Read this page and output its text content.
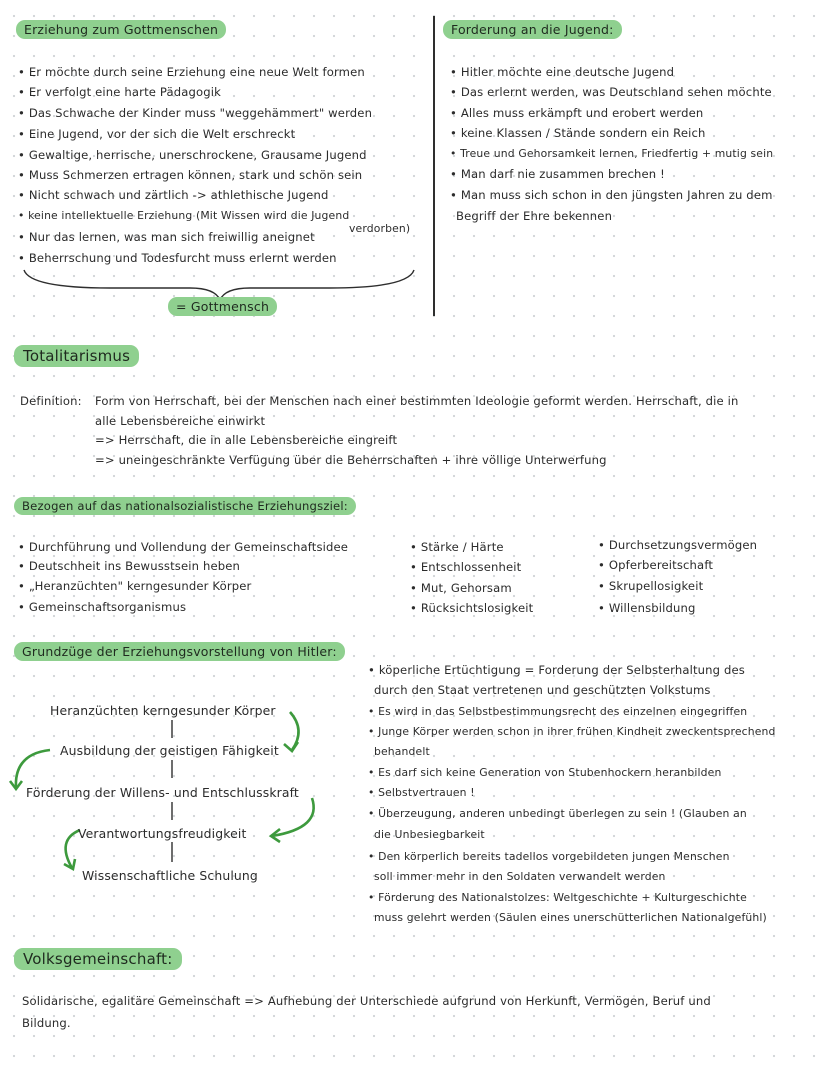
Erziehung zum Gottmenschen
• Er möchte durch seine Erziehung eine neue Welt formen
• Er verfolgt eine harte Pädagogik
• Das Schwache der Kinder muss "weggehämmert" werden
• Eine Jugend, vor der sich die Welt erschreckt
• Gewaltige, herrische, unerschrockene, Grausame Jugend
• Muss Schmerzen ertragen können, stark und schön sein
• Nicht schwach und zärtlich -> athlethische Jugend
• keine intellektuelle Erziehung (Mit Wissen wird die Jugend
verdorben)
• Nur das lernen, was man sich freiwillig aneignet
• Beherrschung und Todesfurcht muss erlernt werden
= Gottmensch
Forderung an die Jugend:
• Hitler möchte eine deutsche Jugend
• Das erlernt werden, was Deutschland sehen möchte
• Alles muss erkämpft und erobert werden
• keine Klassen / Stände sondern ein Reich
• Treue und Gehorsamkeit lernen, Friedfertig + mutig sein
• Man darf nie zusammen brechen !
• Man muss sich schon in den jüngsten Jahren zu dem
Begriff der Ehre bekennen
Totalitarismus
Definition: Form von Herrschaft, bei der Menschen nach einer bestimmten Ideologie geformt werden. Herrschaft, die in
alle Lebensbereiche einwirkt
=> Herrschaft, die in alle Lebensbereiche eingreift
=> uneingeschränkte Verfügung über die Beherrschaften + ihre völlige Unterwerfung
Bezogen auf das nationalsozialistische Erziehungsziel:
• Durchführung und Vollendung der Gemeinschaftsidee
• Deutschheit ins Bewusstsein heben
• „Heranzüchten" kerngesunder Körper
• Gemeinschaftsorganismus
• Stärke / Härte
• Entschlossenheit
• Mut, Gehorsam
• Rücksichtslosigkeit
• Durchsetzungsvermögen
• Opferbereitschaft
• Skrupellosigkeit
• Willensbildung
Grundzüge der Erziehungsvorstellung von Hitler:
Heranzüchten kerngesunder Körper
Ausbildung der geistigen Fähigkeit
Förderung der Willens- und Entschlusskraft
Verantwortungsfreudigkeit
Wissenschaftliche Schulung
• köperliche Ertüchtigung = Forderung der Selbsterhaltung des
durch den Staat vertretenen und geschützten Volkstums
• Es wird in das Selbstbestimmungsrecht des einzelnen eingegriffen
• Junge Körper werden schon in ihrer frühen Kindheit zweckentsprechend
behandelt
• Es darf sich keine Generation von Stubenhockern heranbilden
• Selbstvertrauen !
• Überzeugung, anderen unbedingt überlegen zu sein ! (Glauben an
die Unbesiegbarkeit
• Den körperlich bereits tadellos vorgebildeten jungen Menschen
soll immer mehr in den Soldaten verwandelt werden
• Förderung des Nationalstolzes: Weltgeschichte + Kulturgeschichte
muss gelehrt werden (Säulen eines unerschütterlichen Nationalgefühl)
Volksgemeinschaft:
Solidarische, egalitäre Gemeinschaft => Aufhebung der Unterschiede aufgrund von Herkunft, Vermögen, Beruf und
Bildung.
